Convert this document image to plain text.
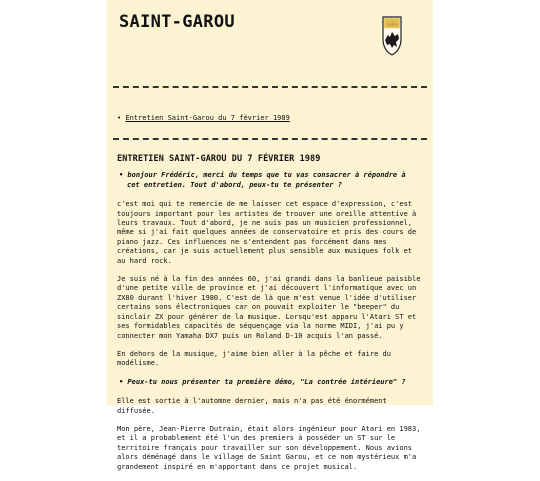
SAINT-GAROU
• Entretien Saint-Garou du 7 février 1989
ENTRETIEN SAINT-GAROU DU 7 FÉVRIER 1989
• bonjour Frédéric, merci du temps que tu vas consacrer à répondre à cet entretien. Tout d'abord, peux-tu te présenter ?
c'est moi qui te remercie de me laisser cet espace d'expression, c'est toujours important pour les artistes de trouver une oreille attentive à leurs travaux. Tout d'abord, je ne suis pas un musicien professionnel, même si j'ai fait quelques années de conservatoire et pris des cours de piano jazz. Ces influences ne s'entendent pas forcément dans mes créations, car je suis actuellement plus sensible aux musiques folk et au hard rock.
Je suis né à la fin des années 60, j'ai grandi dans la banlieue paisible d'une petite ville de province et j'ai découvert l'informatique avec un ZX80 durant l'hiver 1980. C'est de là que m'est venue l'idée d'utiliser certains sons électroniques car on pouvait exploiter le "beeper" du sinclair ZX pour générer de la musique. Lorsqu'est apparu l'Atari ST et ses formidables capacités de séquençage via la norme MIDI, j'ai pu y connecter mon Yamaha DX7 puis un Roland D-10 acquis l'an passé.
En dehors de la musique, j'aime bien aller à la pêche et faire du modélisme.
• Peux-tu nous présenter ta première démo, "La contrée intérieure" ?
Elle est sortie à l'automne dernier, mais n'a pas été énormément diffusée.
Mon père, Jean-Pierre Dutrain, était alors ingénieur pour Atari en 1983, et il a probablement été l'un des premiers à posséder un ST sur le territoire français pour travailler sur son développement. Nous avions alors déménagé dans le village de Saint Garou, et ce nom mystérieux m'a grandement inspiré en m'apportant dans ce projet musical.
